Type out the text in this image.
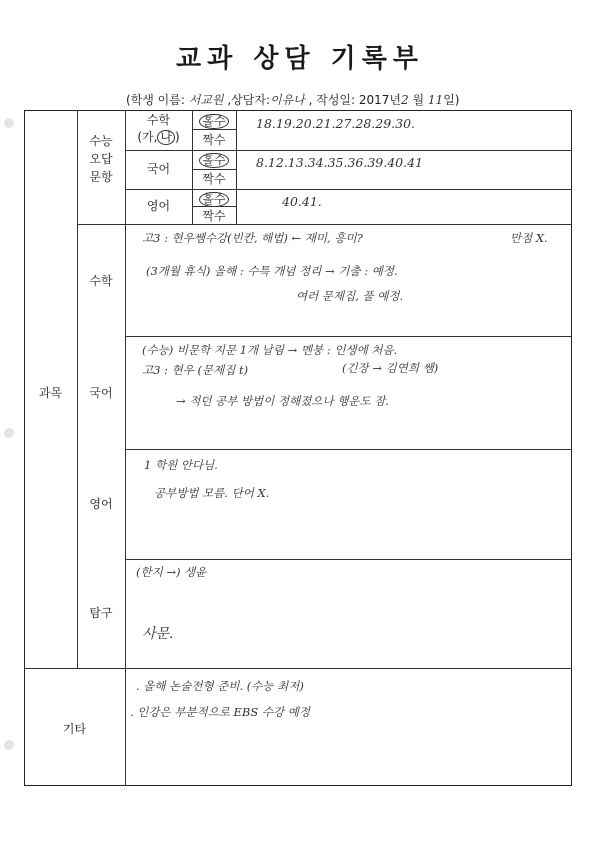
교과 상담 기록부
(학생 이름: 서교원 ,상담자:이유나 , 작성일: 2017년2 월 11일)
수능
오답
문항
수학
(가, 나 )
홀수
짝수
국어
홀수
짝수
영어	홀수
짝수
18.19.20.21.27.28.29.30.
8.12.13.34.35.36.39.40.41
40.41.
과목
수학
고3 : 현우쌤수강(빈칸, 해법) ← 재미, 흥미?	만점 X.
(3개월 휴식) 올해 : 수특 개념 정리 → 기출 : 예정.
여러 문제집, 풀 예정.
국어
(수능) 비문학 지문 1개 날림 → 멘붕 : 인생에 처음.
(긴장 → 김연희 쌤)
고3 : 현우 (문제집 t)
→ 적던 공부 방법이 정해졌으나 행운도 잠.
영어
1 학원 안다님.
공부방법 모름. 단어 X.
탐구
(한지 →) 생윤
사문.
기타
. 올해 논술전형 준비. (수능 최저)
. 인강은 부분적으로 EBS 수강 예정
